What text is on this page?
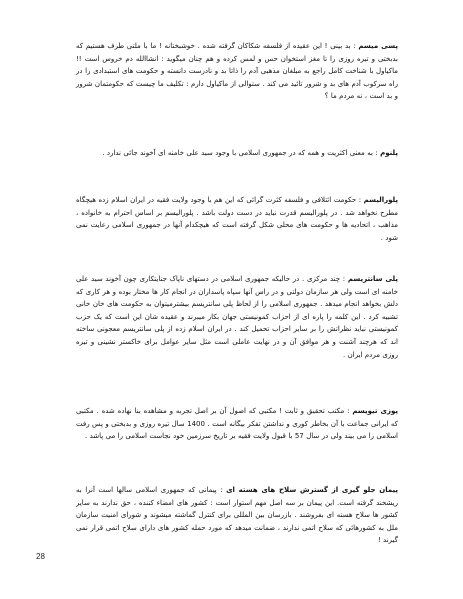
پسی میسم : بد بینی ! این عقیده از فلسفه شکاکان گرفته شده . خوشبختانه ! ما با ملتی طرف هستیم که بدبختی و تیره روزی را تا مغز استخوان حس و لمس کرده و هم چنان میگوید : انشاالله دم خروس است !! ماکیاول با شناخت کامل راجع به مبلغان مذهبی آدم را ذاتا بد و نادرست دانسته و حکومت های استبدادی را در راه سرکوب آدم های بد و شرور تائید می کند . ستوالی از ماکیاول دارم : تکلیف ما چیست که حکومتمان شرور و بد است ، نه مردم ما ؟

پلنوم : به معنی اکثریت و همه که در جمهوری اسلامی با وجود سید علی خامنه ای آخوند جائی ندارد .

پلورالیسم : حکومت ائتلافی و فلسفه کثرت گرائی که این هم با وجود ولایت فقیه در ایران اسلام زده هیچگاه مطرح نخواهد شد . در پلورالیسم قدرت نباید در دست دولت باشد . پلورالیسم بر اساس احترام به خانواده ، مذاهب ، اتحادیه ها و حکومت های محلی شکل گرفته است که هیچکدام آنها در جمهوری اسلامی رعایت نمی شود .

پلی سانتریسم : چند مرکزی . در حالیکه جمهوری اسلامی در دستهای ناپاک جنایتکاری چون آخوند سید علی خامنه ای است ولی هر سازمان دولتی و در راس آنها سپاه پاسداران در انجام کار ها مختار بوده و هر کاری که دلش بخواهد انجام میدهد . جمهوری اسلامی را از لحاظ پلی سانتریسم بیشترمیتوان به حکومت های خان خانی تشبیه کرد . این کلمه را پاره ای از احزاب کمونیستی جهان بکار میبرند و عقیده شان این است که یک حزب کمونیستی نباید نظراتش را بر سایر احزاب تحمیل کند . در ایران اسلام زده از پلی سانتریسم معجونی ساخته اند که هرچند آشنت و هر موافق آن و در نهایت عاملی است مثل سایر عوامل برای خاکستر نشینی و تیره روزی مردم ایران .

پوزی تیویسم : مکتب تحقیق و ثابت ! مکتبی که اصول آن بر اصل تجربه و مشاهده بنا نهاده شده . مکتبی که ایرانی جماعت با آن بخاطر کوری و نداشتن تفکر بیگانه است . 1400 سال تیره روزی و بدبختی و پس رفت اسلامی را می بیند ولی در سال 57 با قبول ولایت فقیه بر تاریخ سرزمین خود نجاست اسلامی را می پاشد .

پیمان جلو گیری از گسترش سلاح های هسته ای : پیمانی که جمهوری اسلامی سالها است آنرا به ریشخند گرفته است. این پیمان بر سه اصل مهم استوار است : کشور های امضاء کننده ، حق ندارند به سایر کشور ها سلاح هسته ای بفروشند . بازرسان بین المللی برای کنترل گماشته میشوند و شورای امنیت سازمان ملل به کشورهائی که سلاح اتمی ندارند ، ضمانت میدهد که مورد حمله کشور های دارای سلاح اتمی قرار نمی گیرند !

28
